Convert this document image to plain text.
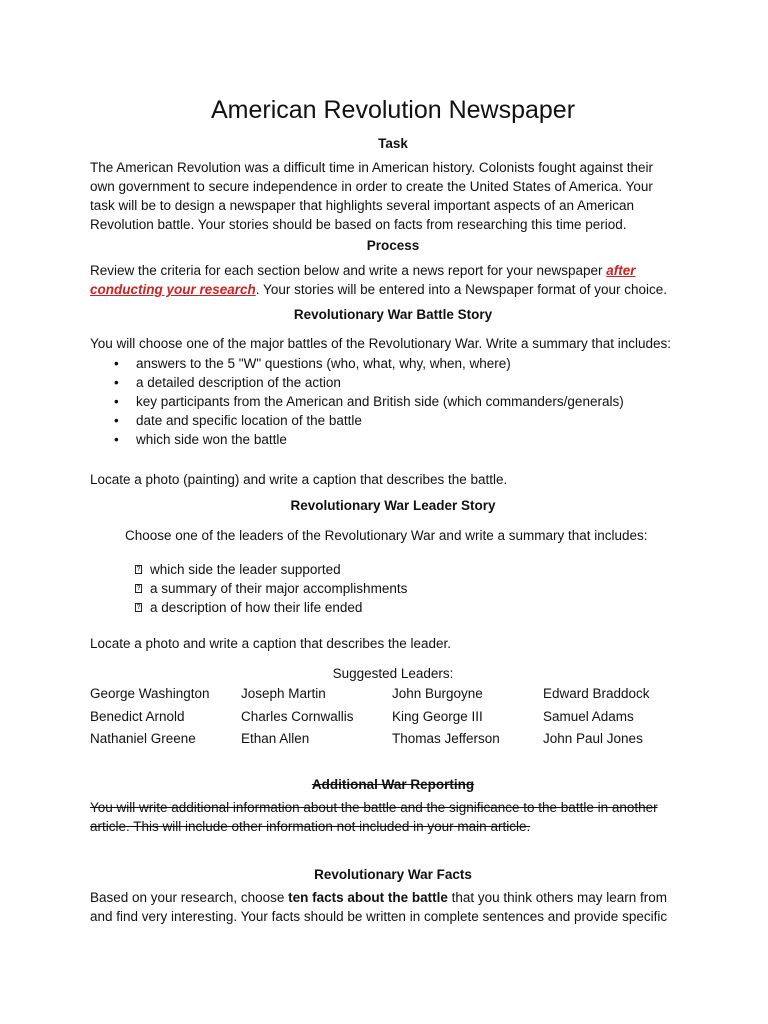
American Revolution Newspaper
Task
The American Revolution was a difficult time in American history. Colonists fought against their
own government to secure independence in order to create the United States of America. Your
task will be to design a newspaper that highlights several important aspects of an American
Revolution battle. Your stories should be based on facts from researching this time period.
Process
Review the criteria for each section below and write a news report for your newspaper after
conducting your research. Your stories will be entered into a Newspaper format of your choice.
Revolutionary War Battle Story
You will choose one of the major battles of the Revolutionary War. Write a summary that includes:
• answers to the 5 "W" questions (who, what, why, when, where)
• a detailed description of the action
• key participants from the American and British side (which commanders/generals)
• date and specific location of the battle
• which side won the battle
Locate a photo (painting) and write a caption that describes the battle.
Revolutionary War Leader Story
Choose one of the leaders of the Revolutionary War and write a summary that includes:
? which side the leader supported
? a summary of their major accomplishments
? a description of how their life ended
Locate a photo and write a caption that describes the leader.
Suggested Leaders:
George Washington	Joseph Martin	John Burgoyne	Edward Braddock
Benedict Arnold	Charles Cornwallis	King George III	Samuel Adams
Nathaniel Greene	Ethan Allen	Thomas Jefferson	John Paul Jones
Additional War Reporting
You will write additional information about the battle and the significance to the battle in another
article. This will include other information not included in your main article.
Revolutionary War Facts
Based on your research, choose ten facts about the battle that you think others may learn from
and find very interesting. Your facts should be written in complete sentences and provide specific
